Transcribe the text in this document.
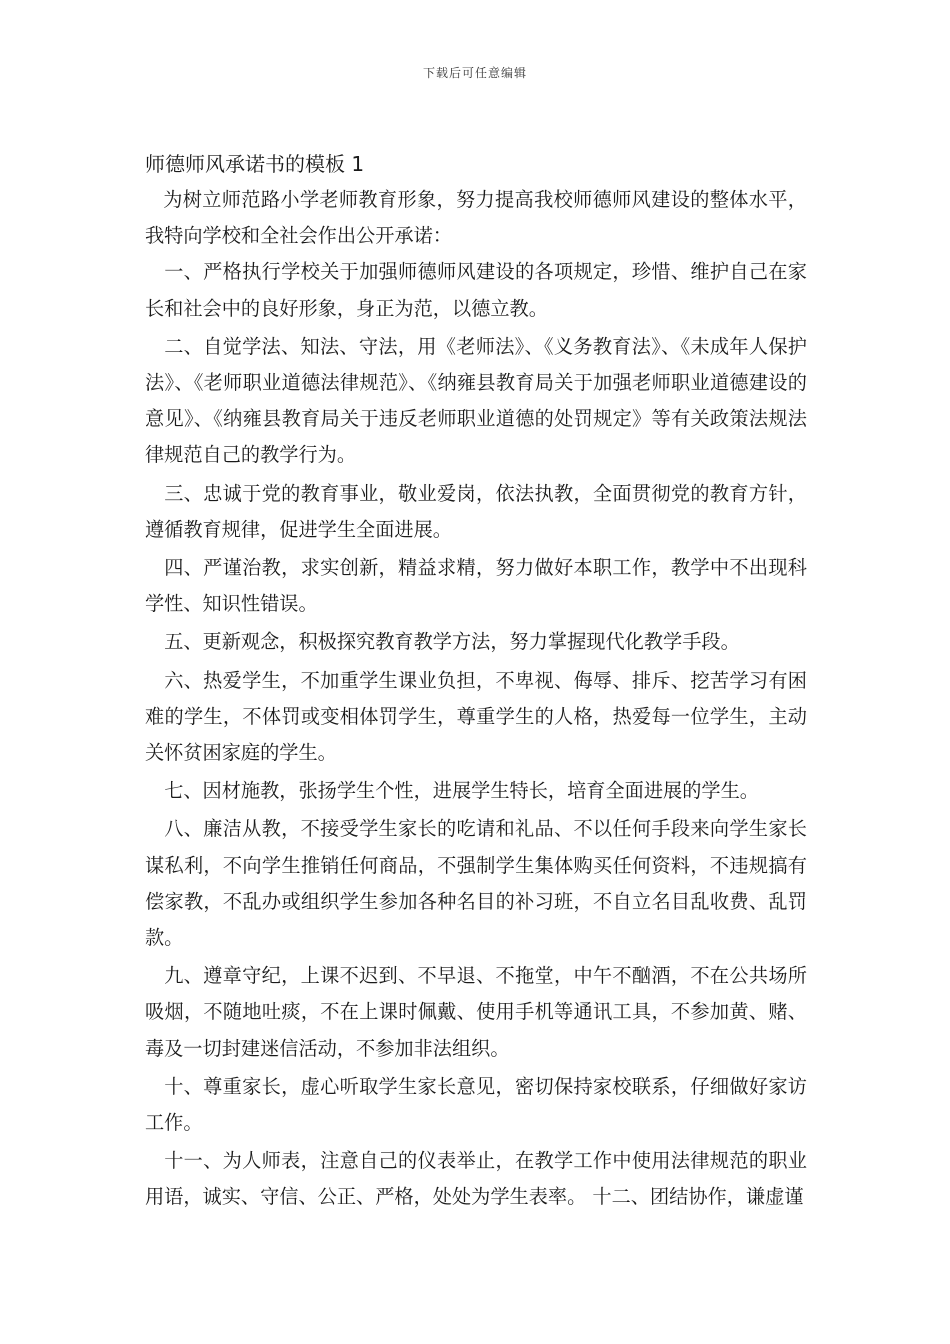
下载后可任意编辑
师德师风承诺书的模板 1

为树立师范路小学老师教育形象，努力提高我校师德师风建设的整体水平，我特向学校和全社会作出公开承诺：

一、严格执行学校关于加强师德师风建设的各项规定，珍惜、维护自己在家长和社会中的良好形象，身正为范，以德立教。

二、自觉学法、知法、守法，用《老师法》、《义务教育法》、《未成年人保护法》、《老师职业道德法律规范》、《纳雍县教育局关于加强老师职业道德建设的意见》、《纳雍县教育局关于违反老师职业道德的处罚规定》等有关政策法规法律规范自己的教学行为。

三、忠诚于党的教育事业，敬业爱岗，依法执教，全面贯彻党的教育方针，遵循教育规律，促进学生全面进展。

四、严谨治教，求实创新，精益求精，努力做好本职工作，教学中不出现科学性、知识性错误。

五、更新观念，积极探究教育教学方法，努力掌握现代化教学手段。

六、热爱学生，不加重学生课业负担，不卑视、侮辱、排斥、挖苦学习有困难的学生，不体罚或变相体罚学生，尊重学生的人格，热爱每一位学生，主动关怀贫困家庭的学生。

七、因材施教，张扬学生个性，进展学生特长，培育全面进展的学生。

八、廉洁从教，不接受学生家长的吃请和礼品、不以任何手段来向学生家长谋私利，不向学生推销任何商品，不强制学生集体购买任何资料，不违规搞有偿家教，不乱办或组织学生参加各种名目的补习班，不自立名目乱收费、乱罚款。

九、遵章守纪，上课不迟到、不早退、不拖堂，中午不酗酒，不在公共场所吸烟，不随地吐痰，不在上课时佩戴、使用手机等通讯工具，不参加黄、赌、毒及一切封建迷信活动，不参加非法组织。

十、尊重家长，虚心听取学生家长意见，密切保持家校联系，仔细做好家访工作。

十一、为人师表，注意自己的仪表举止，在教学工作中使用法律规范的职业用语，诚实、守信、公正、严格，处处为学生表率。 十二、团结协作，谦虚谨
